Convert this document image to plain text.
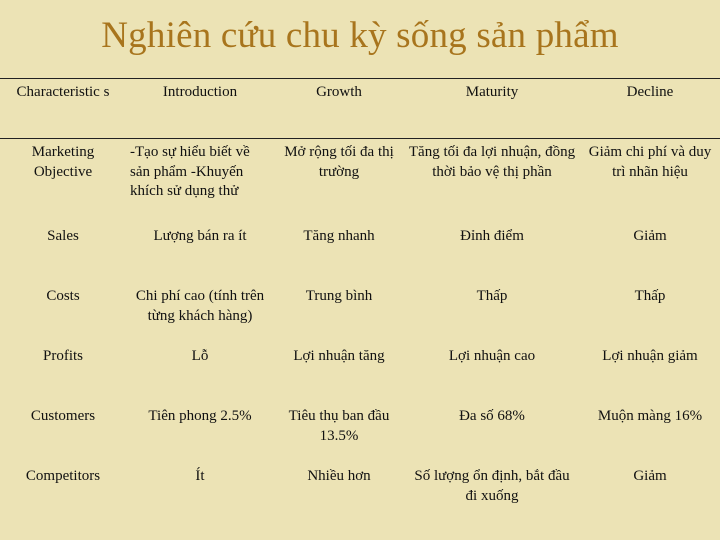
Nghiên cứu chu kỳ sống sản phẩm
Characteristic s	Introduction	Growth	Maturity	Decline
Marketing Objective	-Tạo sự hiểu biết về sản phẩm -Khuyến khích sử dụng thử	Mở rộng tối đa thị trường	Tăng tối đa lợi nhuận, đồng thời bảo vệ thị phần	Giảm chi phí và duy trì nhãn hiệu
Sales	Lượng bán ra ít	Tăng nhanh	Đỉnh điểm	Giảm
Costs	Chi phí cao (tính trên từng khách hàng)	Trung bình	Thấp	Thấp
Profits	Lỗ	Lợi nhuận tăng	Lợi nhuận cao	Lợi nhuận giảm
Customers	Tiên phong 2.5%	Tiêu thụ ban đầu 13.5%	Đa số 68%	Muộn màng 16%
Competitors	Ít	Nhiều hơn	Số lượng ổn định, bắt đầu đi xuống	Giảm
